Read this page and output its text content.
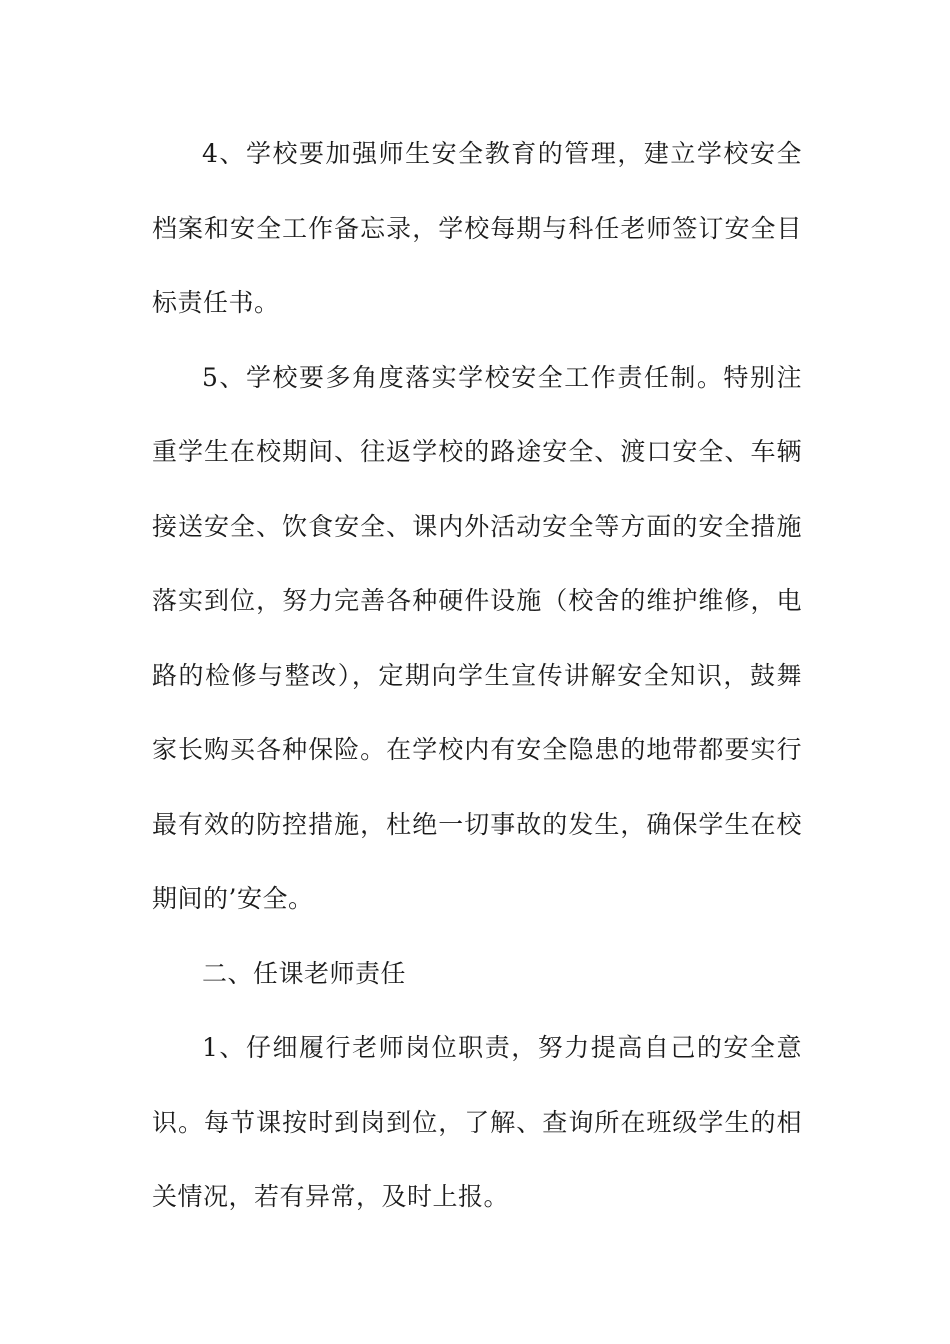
4、学校要加强师生安全教育的管理，建立学校安全档案和安全工作备忘录，学校每期与科任老师签订安全目标责任书。

5、学校要多角度落实学校安全工作责任制。特别注重学生在校期间、往返学校的路途安全、渡口安全、车辆接送安全、饮食安全、课内外活动安全等方面的安全措施落实到位，努力完善各种硬件设施（校舍的维护维修，电路的检修与整改），定期向学生宣传讲解安全知识，鼓舞家长购买各种保险。在学校内有安全隐患的地带都要实行最有效的防控措施，杜绝一切事故的发生，确保学生在校期间的’安全。

二、任课老师责任

1、仔细履行老师岗位职责，努力提高自己的安全意识。每节课按时到岗到位，了解、查询所在班级学生的相关情况，若有异常，及时上报。
